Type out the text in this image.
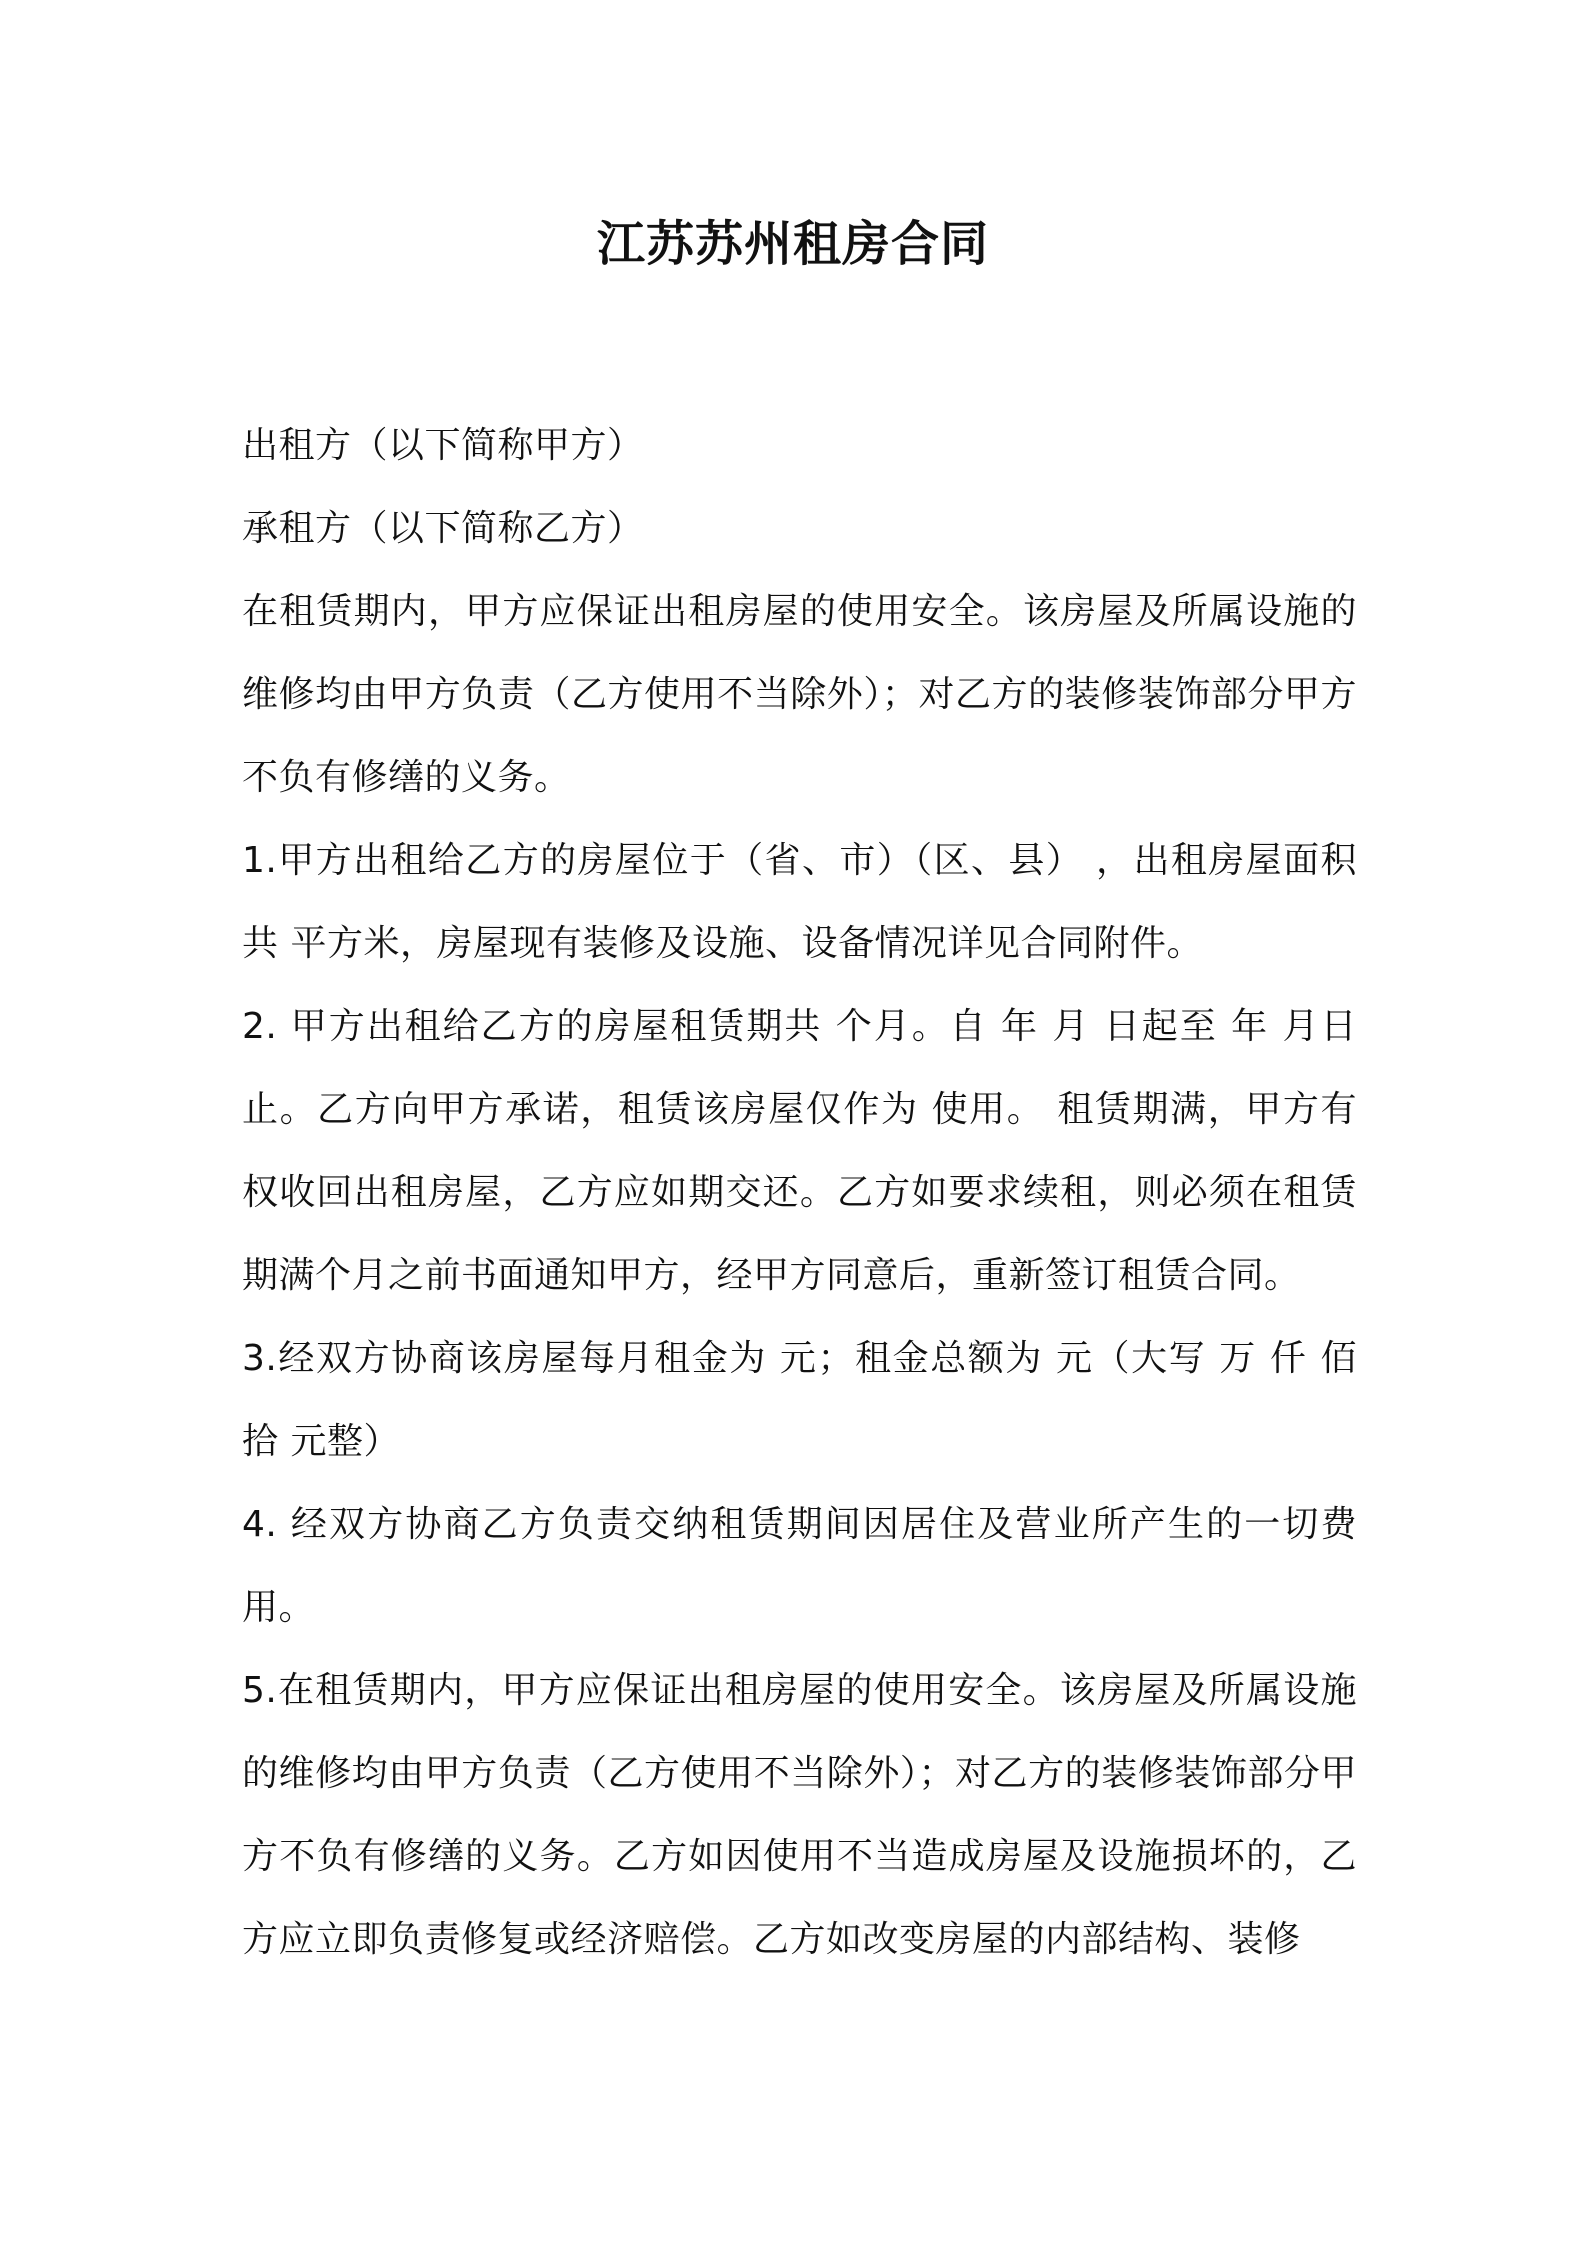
江苏苏州租房合同

出租方（以下简称甲方）

承租方（以下简称乙方）

在租赁期内，甲方应保证出租房屋的使用安全。该房屋及所属设施的维修均由甲方负责（乙方使用不当除外）；对乙方的装修装饰部分甲方不负有修缮的义务。

1.甲方出租给乙方的房屋位于（省、市）（区、县） ，出租房屋面积共 平方米，房屋现有装修及设施、设备情况详见合同附件。

2. 甲方出租给乙方的房屋租赁期共 个月。自 年 月 日起至 年 月日止。乙方向甲方承诺，租赁该房屋仅作为 使用。 租赁期满，甲方有权收回出租房屋，乙方应如期交还。乙方如要求续租，则必须在租赁期满个月之前书面通知甲方，经甲方同意后，重新签订租赁合同。

3.经双方协商该房屋每月租金为 元；租金总额为 元（大写 万 仟 佰拾 元整）

4. 经双方协商乙方负责交纳租赁期间因居住及营业所产生的一切费用。

5.在租赁期内，甲方应保证出租房屋的使用安全。该房屋及所属设施的维修均由甲方负责（乙方使用不当除外）；对乙方的装修装饰部分甲方不负有修缮的义务。乙方如因使用不当造成房屋及设施损坏的，乙方应立即负责修复或经济赔偿。乙方如改变房屋的内部结构、装修
